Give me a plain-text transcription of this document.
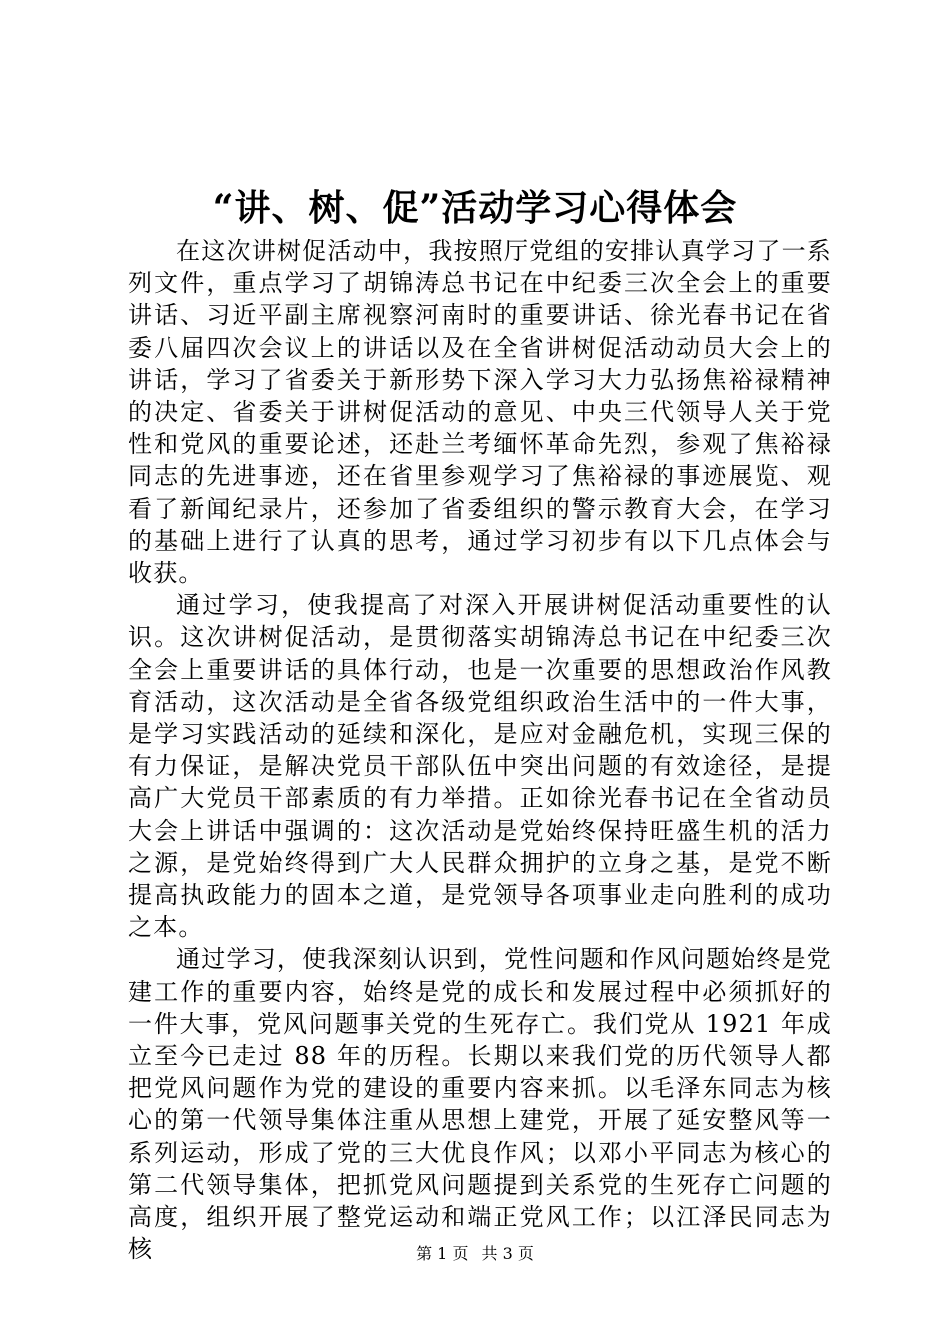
“讲、树、促”活动学习心得体会

在这次讲树促活动中，我按照厅党组的安排认真学习了一系列文件，重点学习了胡锦涛总书记在中纪委三次全会上的重要讲话、习近平副主席视察河南时的重要讲话、徐光春书记在省委八届四次会议上的讲话以及在全省讲树促活动动员大会上的讲话，学习了省委关于新形势下深入学习大力弘扬焦裕禄精神的决定、省委关于讲树促活动的意见、中央三代领导人关于党性和党风的重要论述，还赴兰考缅怀革命先烈，参观了焦裕禄同志的先进事迹，还在省里参观学习了焦裕禄的事迹展览、观看了新闻纪录片，还参加了省委组织的警示教育大会，在学习的基础上进行了认真的思考，通过学习初步有以下几点体会与收获。

通过学习，使我提高了对深入开展讲树促活动重要性的认识。这次讲树促活动，是贯彻落实胡锦涛总书记在中纪委三次全会上重要讲话的具体行动，也是一次重要的思想政治作风教育活动，这次活动是全省各级党组织政治生活中的一件大事，是学习实践活动的延续和深化，是应对金融危机，实现三保的有力保证，是解决党员干部队伍中突出问题的有效途径，是提高广大党员干部素质的有力举措。正如徐光春书记在全省动员大会上讲话中强调的：这次活动是党始终保持旺盛生机的活力之源，是党始终得到广大人民群众拥护的立身之基，是党不断提高执政能力的固本之道，是党领导各项事业走向胜利的成功之本。

通过学习，使我深刻认识到，党性问题和作风问题始终是党建工作的重要内容，始终是党的成长和发展过程中必须抓好的一件大事，党风问题事关党的生死存亡。我们党从 1921 年成立至今已走过 88 年的历程。长期以来我们党的历代领导人都把党风问题作为党的建设的重要内容来抓。以毛泽东同志为核心的第一代领导集体注重从思想上建党，开展了延安整风等一系列运动，形成了党的三大优良作风；以邓小平同志为核心的第二代领导集体，把抓党风问题提到关系党的生死存亡问题的高度，组织开展了整党运动和端正党风工作；以江泽民同志为核	第 1 页 共 3 页
